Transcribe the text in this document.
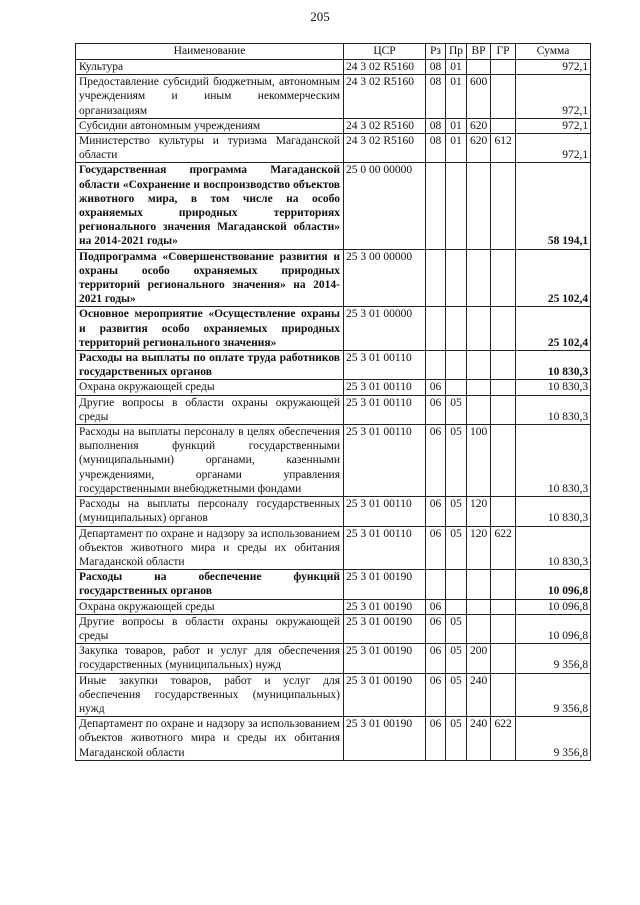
205
Наименование	ЦСР	Рз	Пр	ВР	ГР	Сумма
Культура	24 3 02 R5160	08	01			972,1
Предоставление субсидий бюджетным, автономным учреждениям и иным некоммерческим организациям	24 3 02 R5160	08	01	600		972,1
Субсидии автономным учреждениям	24 3 02 R5160	08	01	620		972,1
Министерство культуры и туризма Магаданской области	24 3 02 R5160	08	01	620	612	972,1
Государственная программа Магаданской области «Сохранение и воспроизводство объектов животного мира, в том числе на особо охраняемых природных территориях регионального значения Магаданской области» на 2014-2021 годы»	25 0 00 00000					58 194,1
Подпрограмма «Совершенствование развития и охраны особо охраняемых природных территорий регионального значения» на 2014-2021 годы»	25 3 00 00000					25 102,4
Основное мероприятие «Осуществление охраны и развития особо охраняемых природных территорий регионального значения»	25 3 01 00000					25 102,4
Расходы на выплаты по оплате труда работников государственных органов	25 3 01 00110					10 830,3
Охрана окружающей среды	25 3 01 00110	06				10 830,3
Другие вопросы в области охраны окружающей среды	25 3 01 00110	06	05			10 830,3
Расходы на выплаты персоналу в целях обеспечения выполнения функций государственными (муниципальными) органами, казенными учреждениями, органами управления государственными внебюджетными фондами	25 3 01 00110	06	05	100		10 830,3
Расходы на выплаты персоналу государственных (муниципальных) органов	25 3 01 00110	06	05	120		10 830,3
Департамент по охране и надзору за использованием объектов животного мира и среды их обитания Магаданской области	25 3 01 00110	06	05	120	622	10 830,3
Расходы на обеспечение функций государственных органов	25 3 01 00190					10 096,8
Охрана окружающей среды	25 3 01 00190	06				10 096,8
Другие вопросы в области охраны окружающей среды	25 3 01 00190	06	05			10 096,8
Закупка товаров, работ и услуг для обеспечения государственных (муниципальных) нужд	25 3 01 00190	06	05	200		9 356,8
Иные закупки товаров, работ и услуг для обеспечения государственных (муниципальных) нужд	25 3 01 00190	06	05	240		9 356,8
Департамент по охране и надзору за использованием объектов животного мира и среды их обитания Магаданской области	25 3 01 00190	06	05	240	622	9 356,8
